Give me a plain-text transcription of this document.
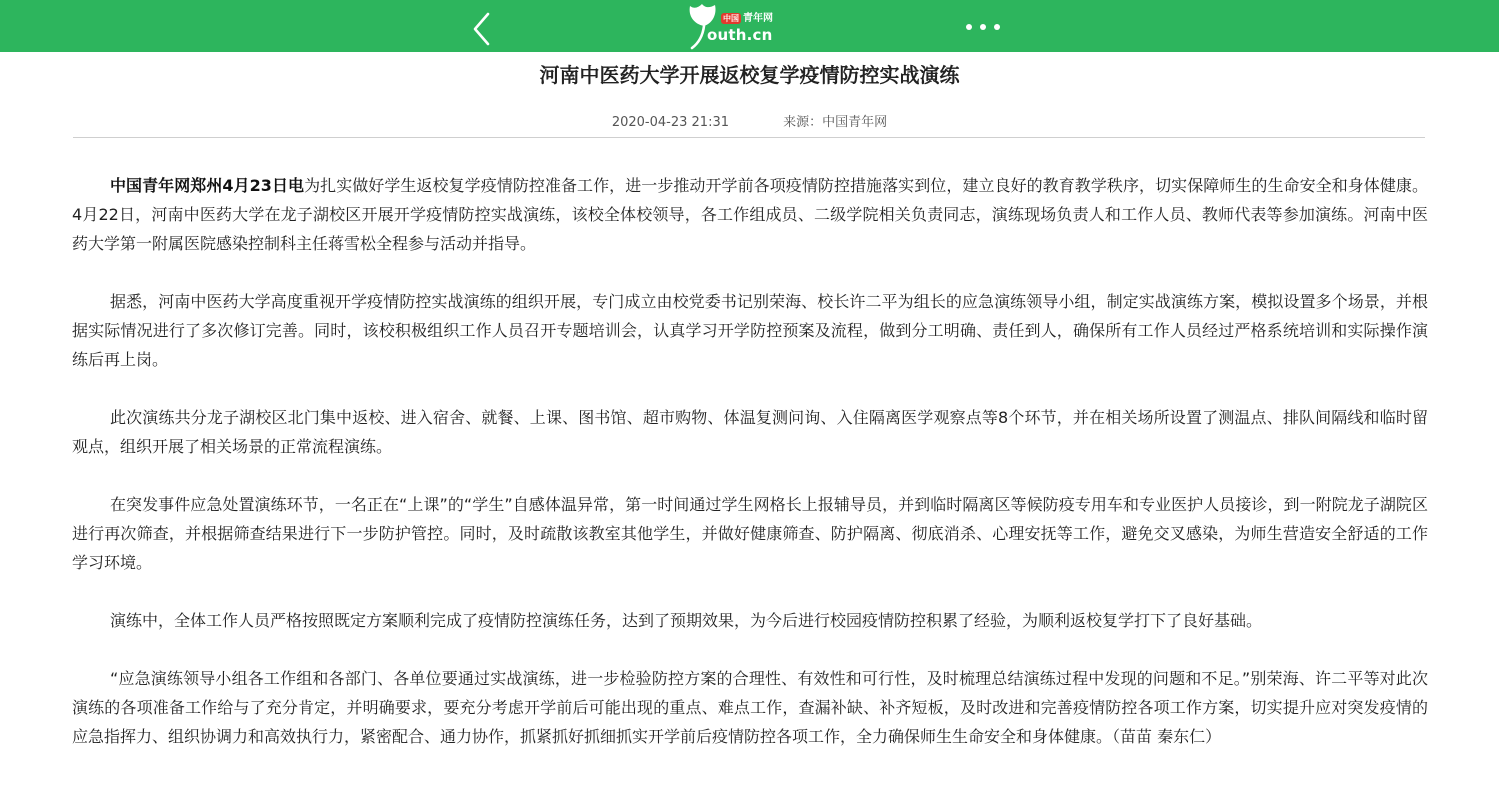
中国 青年网
outh.cn
河南中医药大学开展返校复学疫情防控实战演练
2020-04-23 21:31	来源：中国青年网

中国青年网郑州4月23日电为扎实做好学生返校复学疫情防控准备工作，进一步推动开学前各项疫情防控措施落实到位，建立良好的教育教学秩序，切实保障师生的生命安全和身体健康。4月22日，河南中医药大学在龙子湖校区开展开学疫情防控实战演练，该校全体校领导，各工作组成员、二级学院相关负责同志，演练现场负责人和工作人员、教师代表等参加演练。河南中医药大学第一附属医院感染控制科主任蒋雪松全程参与活动并指导。

据悉，河南中医药大学高度重视开学疫情防控实战演练的组织开展，专门成立由校党委书记别荣海、校长许二平为组长的应急演练领导小组，制定实战演练方案，模拟设置多个场景，并根据实际情况进行了多次修订完善。同时，该校积极组织工作人员召开专题培训会，认真学习开学防控预案及流程，做到分工明确、责任到人，确保所有工作人员经过严格系统培训和实际操作演练后再上岗。

此次演练共分龙子湖校区北门集中返校、进入宿舍、就餐、上课、图书馆、超市购物、体温复测问询、入住隔离医学观察点等8个环节，并在相关场所设置了测温点、排队间隔线和临时留观点，组织开展了相关场景的正常流程演练。

在突发事件应急处置演练环节，一名正在“上课”的“学生”自感体温异常，第一时间通过学生网格长上报辅导员，并到临时隔离区等候防疫专用车和专业医护人员接诊，到一附院龙子湖院区进行再次筛查，并根据筛查结果进行下一步防护管控。同时，及时疏散该教室其他学生，并做好健康筛查、防护隔离、彻底消杀、心理安抚等工作，避免交叉感染，为师生营造安全舒适的工作学习环境。

演练中，全体工作人员严格按照既定方案顺利完成了疫情防控演练任务，达到了预期效果，为今后进行校园疫情防控积累了经验，为顺利返校复学打下了良好基础。

“应急演练领导小组各工作组和各部门、各单位要通过实战演练，进一步检验防控方案的合理性、有效性和可行性，及时梳理总结演练过程中发现的问题和不足。”别荣海、许二平等对此次演练的各项准备工作给与了充分肯定，并明确要求，要充分考虑开学前后可能出现的重点、难点工作，查漏补缺、补齐短板，及时改进和完善疫情防控各项工作方案，切实提升应对突发疫情的应急指挥力、组织协调力和高效执行力，紧密配合、通力协作，抓紧抓好抓细抓实开学前后疫情防控各项工作，全力确保师生生命安全和身体健康。（苗苗 秦东仁）
